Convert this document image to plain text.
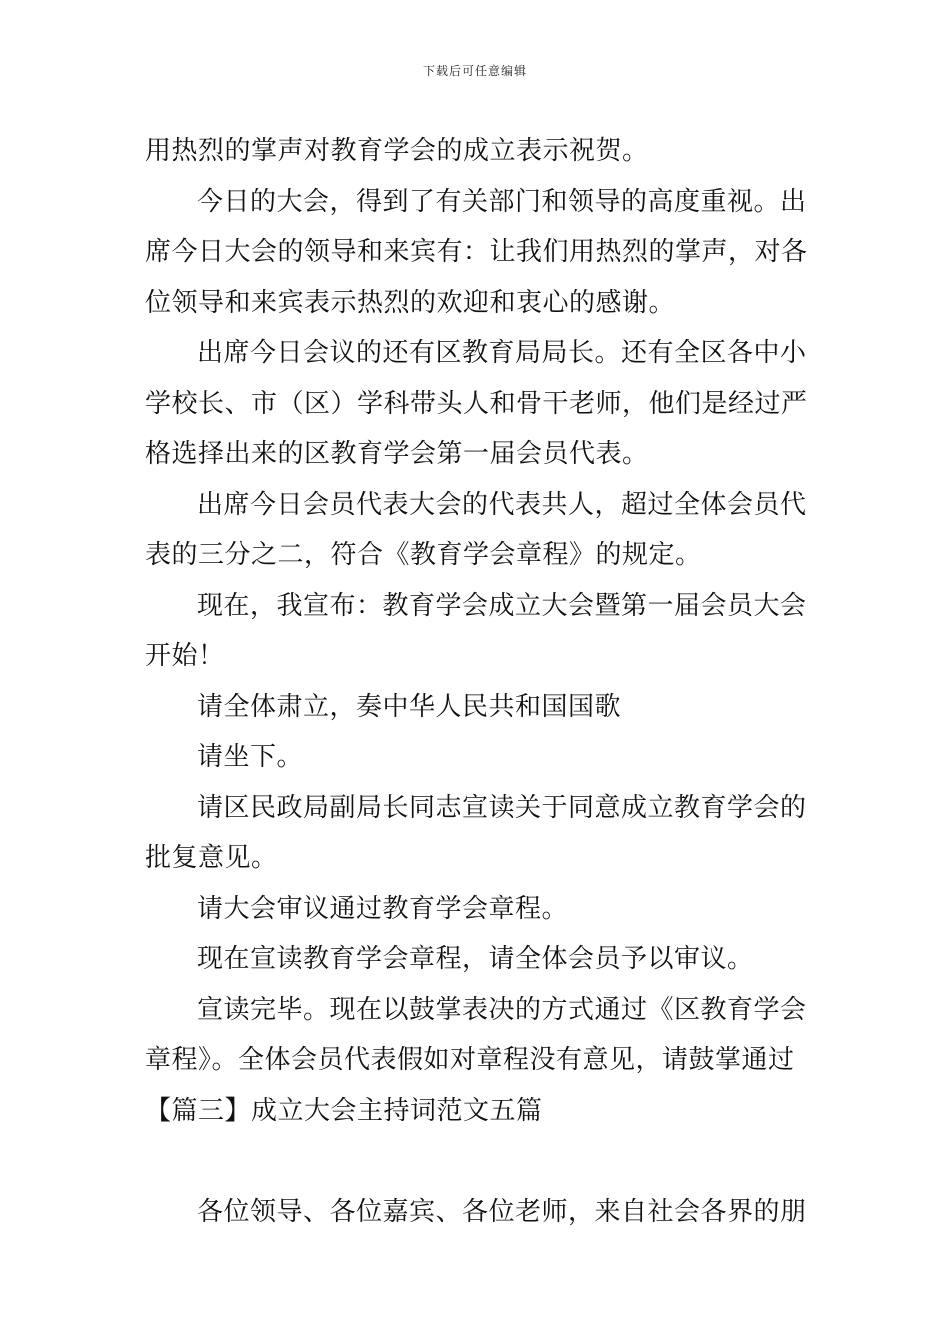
下载后可任意编辑
用热烈的掌声对教育学会的成立表示祝贺。
今日的大会，得到了有关部门和领导的高度重视。出
席今日大会的领导和来宾有：让我们用热烈的掌声，对各
位领导和来宾表示热烈的欢迎和衷心的感谢。
出席今日会议的还有区教育局局长。还有全区各中小
学校长、市（区）学科带头人和骨干老师，他们是经过严
格选择出来的区教育学会第一届会员代表。
出席今日会员代表大会的代表共人，超过全体会员代
表的三分之二，符合《教育学会章程》的规定。
现在，我宣布：教育学会成立大会暨第一届会员大会
开始！
请全体肃立，奏中华人民共和国国歌
请坐下。
请区民政局副局长同志宣读关于同意成立教育学会的
批复意见。
请大会审议通过教育学会章程。
现在宣读教育学会章程，请全体会员予以审议。
宣读完毕。现在以鼓掌表决的方式通过《区教育学会
章程》。全体会员代表假如对章程没有意见，请鼓掌通过
【篇三】成立大会主持词范文五篇
各位领导、各位嘉宾、各位老师，来自社会各界的朋
